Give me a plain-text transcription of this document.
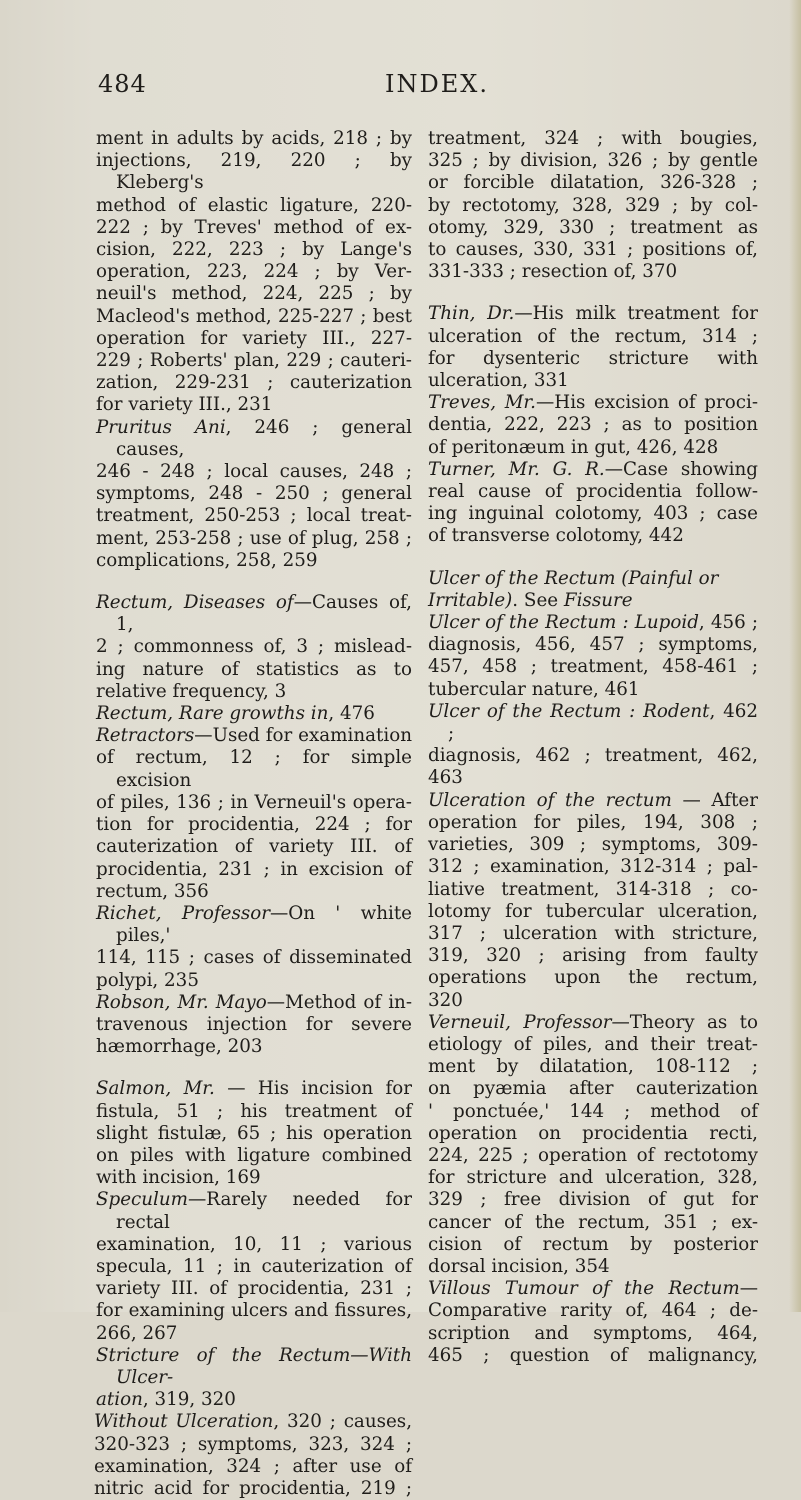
484	INDEX.
ment in adults by acids, 218 ; by
injections, 219, 220 ; by Kleberg's
method of elastic ligature, 220-
222 ; by Treves' method of ex-
cision, 222, 223 ; by Lange's
operation, 223, 224 ; by Ver-
neuil's method, 224, 225 ; by
Macleod's method, 225-227 ; best
operation for variety III., 227-
229 ; Roberts' plan, 229 ; cauteri-
zation, 229-231 ; cauterization
for variety III., 231
Pruritus Ani, 246 ; general causes,
246 - 248 ; local causes, 248 ;
symptoms, 248 - 250 ; general
treatment, 250-253 ; local treat-
ment, 253-258 ; use of plug, 258 ;
complications, 258, 259
Rectum, Diseases of—Causes of, 1,
2 ; commonness of, 3 ; mislead-
ing nature of statistics as to
relative frequency, 3
Rectum, Rare growths in, 476
Retractors—Used for examination
of rectum, 12 ; for simple excision
of piles, 136 ; in Verneuil's opera-
tion for procidentia, 224 ; for
cauterization of variety III. of
procidentia, 231 ; in excision of
rectum, 356
Richet, Professor—On ' white piles,'
114, 115 ; cases of disseminated
polypi, 235
Robson, Mr. Mayo—Method of in-
travenous injection for severe
hæmorrhage, 203
Salmon, Mr. — His incision for
fistula, 51 ; his treatment of
slight fistulæ, 65 ; his operation
on piles with ligature combined
with incision, 169
Speculum—Rarely needed for rectal
examination, 10, 11 ; various
specula, 11 ; in cauterization of
variety III. of procidentia, 231 ;
for examining ulcers and fissures,
266, 267
Stricture of the Rectum—With Ulcer-
ation, 319, 320
Without Ulceration, 320 ; causes,
320-323 ; symptoms, 323, 324 ;
examination, 324 ; after use of
nitric acid for procidentia, 219 ;
treatment, 324 ; with bougies,
325 ; by division, 326 ; by gentle
or forcible dilatation, 326-328 ;
by rectotomy, 328, 329 ; by col-
otomy, 329, 330 ; treatment as
to causes, 330, 331 ; positions of,
331-333 ; resection of, 370
Thin, Dr.—His milk treatment for
ulceration of the rectum, 314 ;
for dysenteric stricture with
ulceration, 331
Treves, Mr.—His excision of proci-
dentia, 222, 223 ; as to position
of peritonæum in gut, 426, 428
Turner, Mr. G. R.—Case showing
real cause of procidentia follow-
ing inguinal colotomy, 403 ; case
of transverse colotomy, 442
Ulcer of the Rectum (Painful or
Irritable). See Fissure
Ulcer of the Rectum : Lupoid, 456 ;
diagnosis, 456, 457 ; symptoms,
457, 458 ; treatment, 458-461 ;
tubercular nature, 461
Ulcer of the Rectum : Rodent, 462 ;
diagnosis, 462 ; treatment, 462,
463
Ulceration of the rectum — After
operation for piles, 194, 308 ;
varieties, 309 ; symptoms, 309-
312 ; examination, 312-314 ; pal-
liative treatment, 314-318 ; co-
lotomy for tubercular ulceration,
317 ; ulceration with stricture,
319, 320 ; arising from faulty
operations upon the rectum,
320
Verneuil, Professor—Theory as to
etiology of piles, and their treat-
ment by dilatation, 108-112 ;
on pyæmia after cauterization
' ponctuée,' 144 ; method of
operation on procidentia recti,
224, 225 ; operation of rectotomy
for stricture and ulceration, 328,
329 ; free division of gut for
cancer of the rectum, 351 ; ex-
cision of rectum by posterior
dorsal incision, 354
Villous Tumour of the Rectum—
Comparative rarity of, 464 ; de-
scription and symptoms, 464,
465 ; question of malignancy,
